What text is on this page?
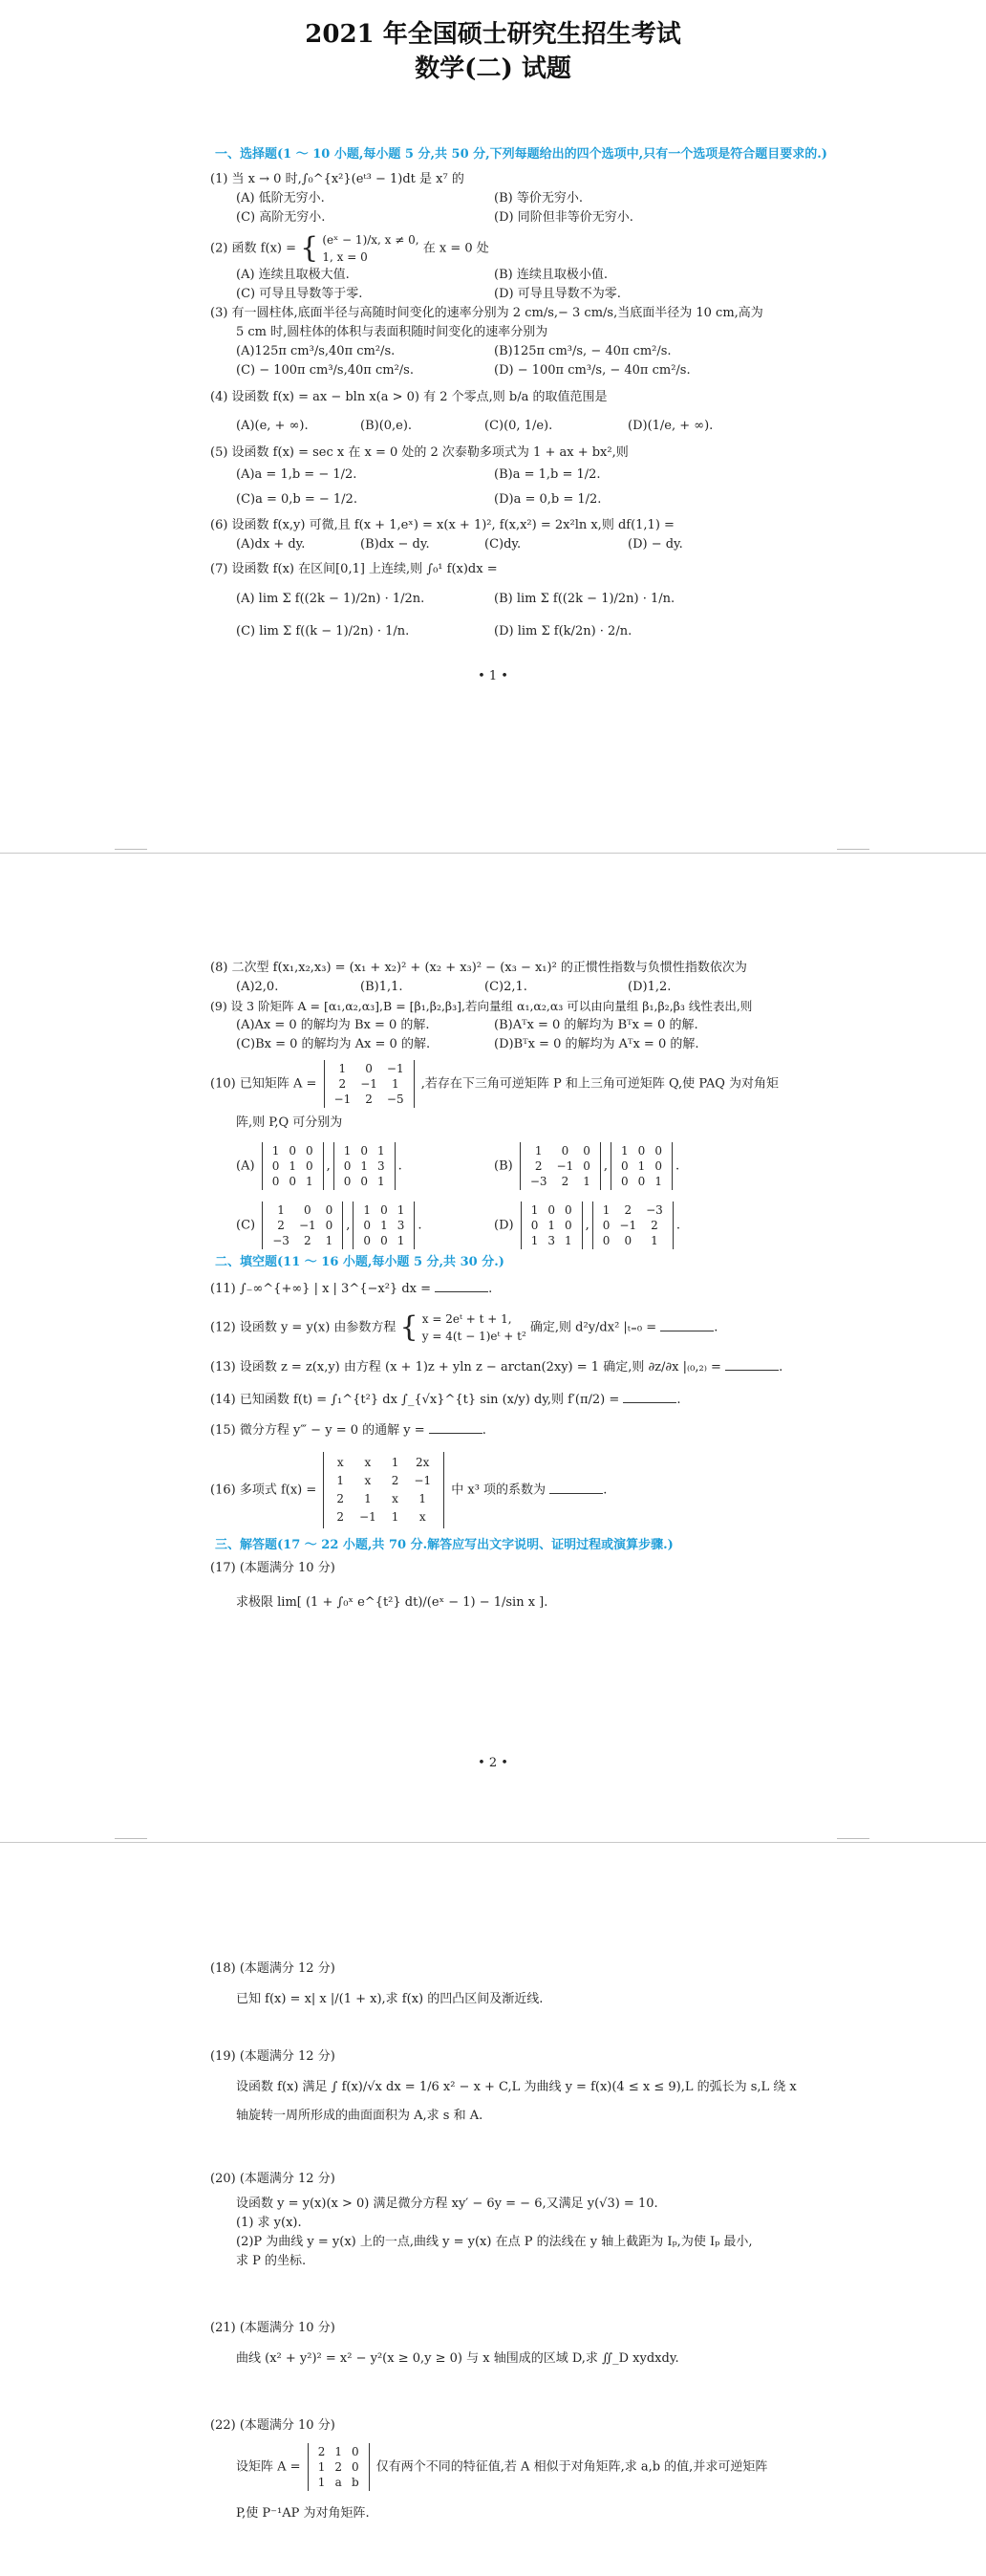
2021 年全国硕士研究生招生考试
数学(二) 试题
一、选择题(1 ～ 10 小题,每小题 5 分,共 50 分,下列每题给出的四个选项中,只有一个选项是符合题目要求的.)
(1) 当 x → 0 时,∫₀^{x²}(eᵗ³ − 1)dt 是 x⁷ 的
(A) 低阶无穷小.	(B) 等价无穷小.
(C) 高阶无穷小.	(D) 同阶但非等价无穷小.
(2) 函数 f(x) = { (eˣ − 1)/x, x ≠ 0,
1, x = 0
在 x = 0 处
(A) 连续且取极大值.	(B) 连续且取极小值.
(C) 可导且导数等于零.	(D) 可导且导数不为零.
(3) 有一圆柱体,底面半径与高随时间变化的速率分别为 2 cm/s,− 3 cm/s,当底面半径为 10 cm,高为
5 cm 时,圆柱体的体积与表面积随时间变化的速率分别为
(A)125π cm³/s,40π cm²/s.	(B)125π cm³/s, − 40π cm²/s.
(C) − 100π cm³/s,40π cm²/s.	(D) − 100π cm³/s, − 40π cm²/s.
(4) 设函数 f(x) = ax − bln x(a > 0) 有 2 个零点,则 b/a 的取值范围是
(A)(e, + ∞).	(B)(0,e).	(C)(0, 1/e).	(D)(1/e, + ∞).
(5) 设函数 f(x) = sec x 在 x = 0 处的 2 次泰勒多项式为 1 + ax + bx²,则
(A)a = 1,b = − 1/2.	(B)a = 1,b = 1/2.
(C)a = 0,b = − 1/2.	(D)a = 0,b = 1/2.
(6) 设函数 f(x,y) 可微,且 f(x + 1,eˣ) = x(x + 1)², f(x,x²) = 2x²ln x,则 df(1,1) =
(A)dx + dy.	(B)dx − dy.	(C)dy.	(D) − dy.
(7) 设函数 f(x) 在区间[0,1] 上连续,则 ∫₀¹ f(x)dx =
(A) lim Σ f((2k − 1)/2n) · 1/2n.	(B) lim Σ f((2k − 1)/2n) · 1/n.
(C) lim Σ f((k − 1)/2n) · 1/n.	(D) lim Σ f(k/2n) · 2/n.
• 1 •
(8) 二次型 f(x₁,x₂,x₃) = (x₁ + x₂)² + (x₂ + x₃)² − (x₃ − x₁)² 的正惯性指数与负惯性指数依次为
(A)2,0.	(B)1,1.	(C)2,1.	(D)1,2.
(9) 设 3 阶矩阵 A = [α₁,α₂,α₃],B = [β₁,β₂,β₃],若向量组 α₁,α₂,α₃ 可以由向量组 β₁,β₂,β₃ 线性表出,则
(A)Ax = 0 的解均为 Bx = 0 的解.	(B)Aᵀx = 0 的解均为 Bᵀx = 0 的解.
(C)Bx = 0 的解均为 Ax = 0 的解.	(D)Bᵀx = 0 的解均为 Aᵀx = 0 的解.
(10) 已知矩阵 A =
1	0	−1
2	−1	1
−1	2	−5
,若存在下三角可逆矩阵 P 和上三角可逆矩阵 Q,使 PAQ 为对角矩
阵,则 P,Q 可分别为
(A)
1	0	0
0	1	0
0	0	1
,
1	0	1
0	1	3
0	0	1
.	(B)
1	0	0
2	−1	0
−3	2	1
,
1	0	0
0	1	0
0	0	1
.
(C)
1	0	0
2	−1	0
−3	2	1
,
1	0	1
0	1	3
0	0	1
.	(D)
1	0	0
0	1	0
1	3	1
,
1	2	−3
0	−1	2
0	0	1
.
二、填空题(11 ～ 16 小题,每小题 5 分,共 30 分.)
(11) ∫₋∞^{+∞} | x | 3^{−x²} dx =	.
(12) 设函数 y = y(x) 由参数方程 { x = 2eᵗ + t + 1,
y = 4(t − 1)eᵗ + t²
确定,则 d²y/dx² |ₜ₌₀ =	.
(13) 设函数 z = z(x,y) 由方程 (x + 1)z + yln z − arctan(2xy) = 1 确定,则 ∂z/∂x |₍₀,₂₎ =	.
(14) 已知函数 f(t) = ∫₁^{t²} dx ∫_{√x}^{t} sin (x/y) dy,则 f′(π/2) =	.
(15) 微分方程 y‴ − y = 0 的通解 y =	.
(16) 多项式 f(x) =
x	x	1	2x
1	x	2	−1
2	1	x	1
2	−1	1	x
中 x³ 项的系数为	.
三、解答题(17 ～ 22 小题,共 70 分.解答应写出文字说明、证明过程或演算步骤.)
(17) (本题满分 10 分)
求极限 lim[ (1 + ∫₀ˣ e^{t²} dt)/(eˣ − 1) − 1/sin x ].
• 2 •
(18) (本题满分 12 分)
已知 f(x) = x| x |/(1 + x),求 f(x) 的凹凸区间及渐近线.
(19) (本题满分 12 分)
设函数 f(x) 满足 ∫ f(x)/√x dx = 1/6 x² − x + C,L 为曲线 y = f(x)(4 ≤ x ≤ 9),L 的弧长为 s,L 绕 x
轴旋转一周所形成的曲面面积为 A,求 s 和 A.
(20) (本题满分 12 分)
设函数 y = y(x)(x > 0) 满足微分方程 xy′ − 6y = − 6,又满足 y(√3) = 10.
(1) 求 y(x).
(2)P 为曲线 y = y(x) 上的一点,曲线 y = y(x) 在点 P 的法线在 y 轴上截距为 Iₚ,为使 Iₚ 最小,
求 P 的坐标.
(21) (本题满分 10 分)
曲线 (x² + y²)² = x² − y²(x ≥ 0,y ≥ 0) 与 x 轴围成的区域 D,求 ∬_D xydxdy.
(22) (本题满分 10 分)
设矩阵 A =
2	1	0
1	2	0
1	a	b
仅有两个不同的特征值,若 A 相似于对角矩阵,求 a,b 的值,并求可逆矩阵
P,使 P⁻¹AP 为对角矩阵.
